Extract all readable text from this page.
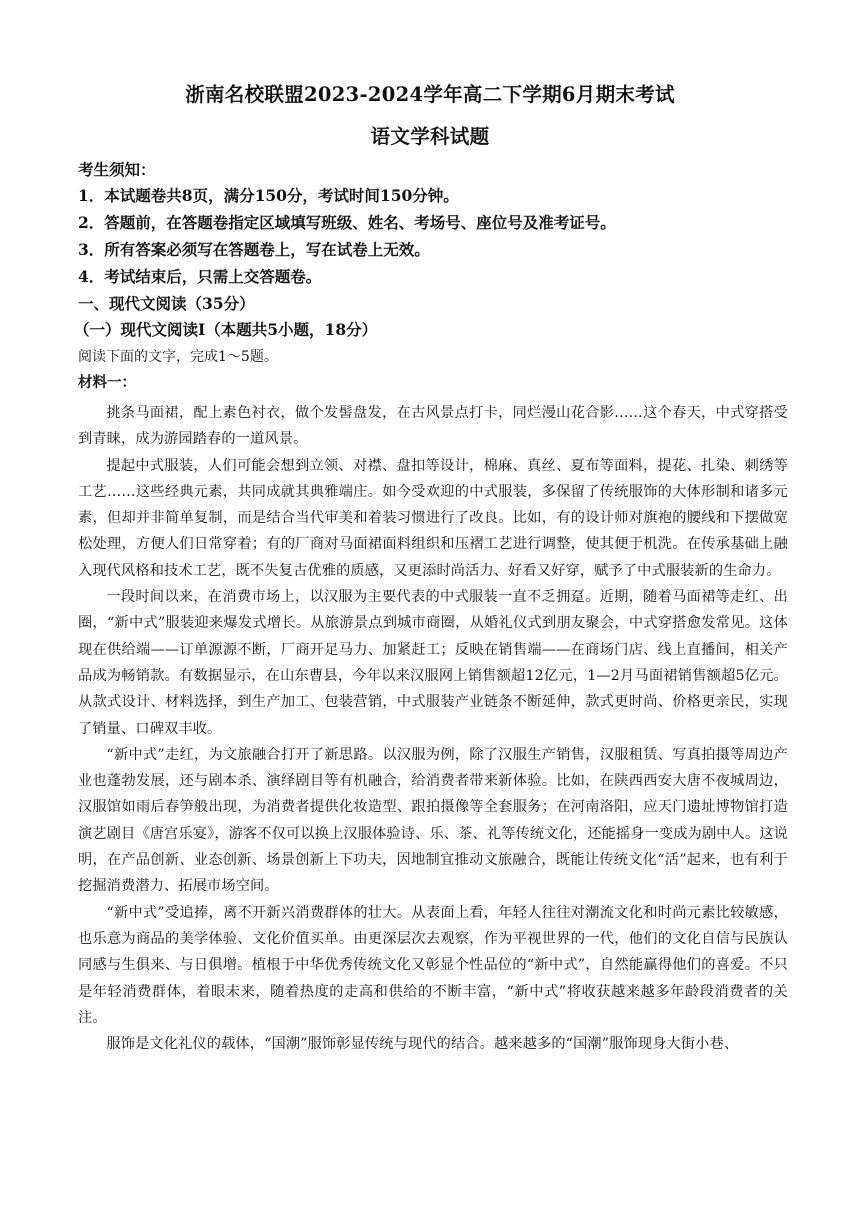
浙南名校联盟2023-2024学年高二下学期6月期末考试
语文学科试题
考生须知：
1．本试题卷共8页，满分150分，考试时间150分钟。
2．答题前，在答题卷指定区域填写班级、姓名、考场号、座位号及准考证号。
3．所有答案必须写在答题卷上，写在试卷上无效。
4．考试结束后，只需上交答题卷。
一、现代文阅读（35分）
（一）现代文阅读Ⅰ（本题共5小题，18分）
阅读下面的文字，完成1～5题。
材料一：

挑条马面裙，配上素色衬衣，做个发髻盘发，在古风景点打卡，同烂漫山花合影……这个春天，中式穿搭受到青睐，成为游园踏春的一道风景。

提起中式服装，人们可能会想到立领、对襟、盘扣等设计，棉麻、真丝、夏布等面料，提花、扎染、刺绣等工艺……这些经典元素，共同成就其典雅端庄。如今受欢迎的中式服装，多保留了传统服饰的大体形制和诸多元素，但却并非简单复制，而是结合当代审美和着装习惯进行了改良。比如，有的设计师对旗袍的腰线和下摆做宽松处理，方便人们日常穿着；有的厂商对马面裙面料组织和压褶工艺进行调整，使其便于机洗。在传承基础上融入现代风格和技术工艺，既不失复古优雅的质感，又更添时尚活力、好看又好穿，赋予了中式服装新的生命力。

一段时间以来，在消费市场上，以汉服为主要代表的中式服装一直不乏拥趸。近期，随着马面裙等走红、出圈，“新中式”服装迎来爆发式增长。从旅游景点到城市商圈，从婚礼仪式到朋友聚会，中式穿搭愈发常见。这体现在供给端——订单源源不断，厂商开足马力、加紧赶工；反映在销售端——在商场门店、线上直播间，相关产品成为畅销款。有数据显示，在山东曹县，今年以来汉服网上销售额超12亿元，1—2月马面裙销售额超5亿元。从款式设计、材料选择，到生产加工、包装营销，中式服装产业链条不断延伸，款式更时尚、价格更亲民，实现了销量、口碑双丰收。

“新中式”走红，为文旅融合打开了新思路。以汉服为例，除了汉服生产销售，汉服租赁、写真拍摄等周边产业也蓬勃发展，还与剧本杀、演绎剧目等有机融合，给消费者带来新体验。比如，在陕西西安大唐不夜城周边，汉服馆如雨后春笋般出现，为消费者提供化妆造型、跟拍摄像等全套服务；在河南洛阳，应天门遗址博物馆打造演艺剧目《唐宫乐宴》，游客不仅可以换上汉服体验诗、乐、茶、礼等传统文化，还能摇身一变成为剧中人。这说明，在产品创新、业态创新、场景创新上下功夫，因地制宜推动文旅融合，既能让传统文化“活”起来，也有利于挖掘消费潜力、拓展市场空间。

“新中式”受追捧，离不开新兴消费群体的壮大。从表面上看，年轻人往往对潮流文化和时尚元素比较敏感，也乐意为商品的美学体验、文化价值买单。由更深层次去观察，作为平视世界的一代，他们的文化自信与民族认同感与生俱来、与日俱增。植根于中华优秀传统文化又彰显个性品位的“新中式”，自然能赢得他们的喜爱。不只是年轻消费群体，着眼未来，随着热度的走高和供给的不断丰富，“新中式”将收获越来越多年龄段消费者的关注。

服饰是文化礼仪的载体，“国潮”服饰彰显传统与现代的结合。越来越多的“国潮”服饰现身大街小巷、
